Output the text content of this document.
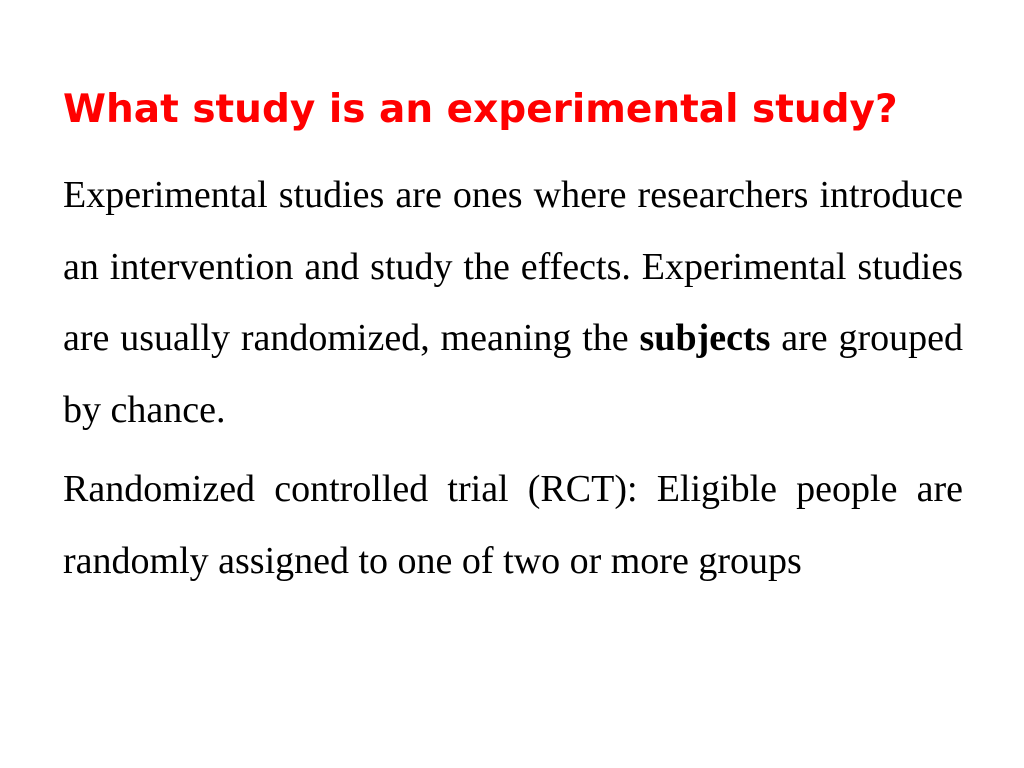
What study is an experimental study?

Experimental studies are ones where researchers introduce an intervention and study the effects. Experimental studies are usually randomized, meaning the subjects are grouped by chance.

Randomized controlled trial (RCT): Eligible people are randomly assigned to one of two or more groups
